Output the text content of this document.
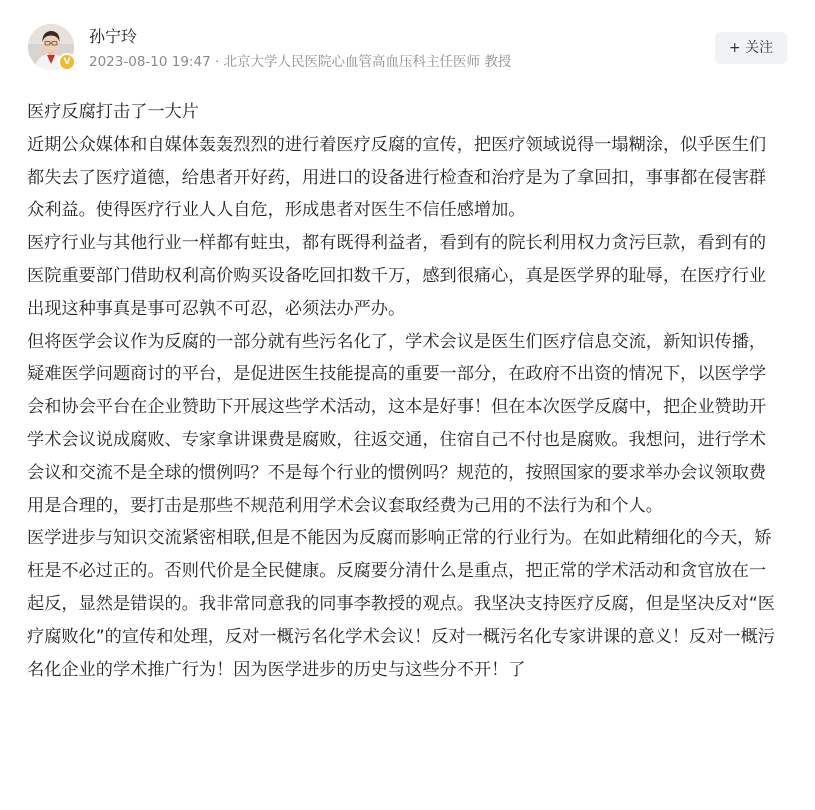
V
孙宁玲
2023-08-10 19:47 · 北京大学人民医院心血管高血压科主任医师 教授
+ 关注

医疗反腐打击了一大片

近期公众媒体和自媒体轰轰烈烈的进行着医疗反腐的宣传，把医疗领域说得一塌糊涂，似乎医生们都失去了医疗道德，给患者开好药，用进口的设备进行检查和治疗是为了拿回扣，事事都在侵害群众利益。使得医疗行业人人自危，形成患者对医生不信任感增加。

医疗行业与其他行业一样都有蛀虫，都有既得利益者，看到有的院长利用权力贪污巨款，看到有的医院重要部门借助权利高价购买设备吃回扣数千万，感到很痛心，真是医学界的耻辱，在医疗行业出现这种事真是事可忍孰不可忍，必须法办严办。

但将医学会议作为反腐的一部分就有些污名化了，学术会议是医生们医疗信息交流，新知识传播，疑难医学问题商讨的平台，是促进医生技能提高的重要一部分，在政府不出资的情况下，以医学学会和协会平台在企业赞助下开展这些学术活动，这本是好事！但在本次医学反腐中，把企业赞助开学术会议说成腐败、专家拿讲课费是腐败，往返交通，住宿自己不付也是腐败。我想问，进行学术会议和交流不是全球的惯例吗？不是每个行业的惯例吗？规范的，按照国家的要求举办会议领取费用是合理的，要打击是那些不规范利用学术会议套取经费为己用的不法行为和个人。

医学进步与知识交流紧密相联,但是不能因为反腐而影响正常的行业行为。在如此精细化的今天，矫枉是不必过正的。否则代价是全民健康。反腐要分清什么是重点，把正常的学术活动和贪官放在一起反，显然是错误的。我非常同意我的同事李教授的观点。我坚决支持医疗反腐，但是坚决反对“医疗腐败化”的宣传和处理，反对一概污名化学术会议！反对一概污名化专家讲课的意义！反对一概污名化企业的学术推广行为！因为医学进步的历史与这些分不开！了
